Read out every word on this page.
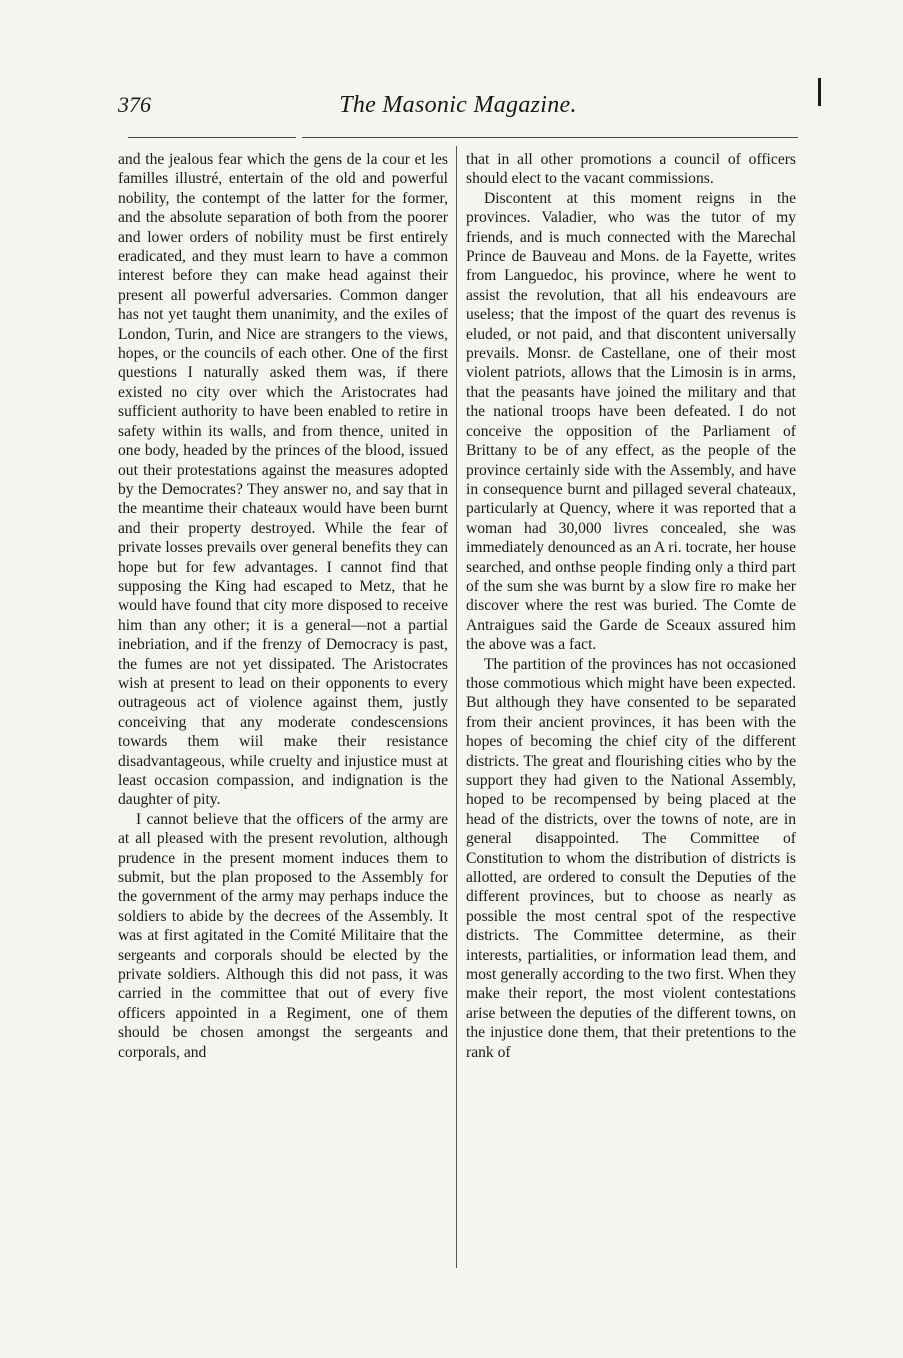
376	The Masonic Magazine.

and the jealous fear which the gens de la cour et les familles illustré, entertain of the old and powerful nobility, the contempt of the latter for the former, and the absolute separation of both from the poorer and lower orders of nobility must be first entirely eradicated, and they must learn to have a common interest before they can make head against their present all powerful adversaries. Common danger has not yet taught them unanimity, and the exiles of London, Turin, and Nice are strangers to the views, hopes, or the councils of each other. One of the first questions I naturally asked them was, if there existed no city over which the Aristocrates had sufficient authority to have been enabled to retire in safety within its walls, and from thence, united in one body, headed by the princes of the blood, issued out their protestations against the measures adopted by the Democrates? They answer no, and say that in the meantime their chateaux would have been burnt and their property destroyed. While the fear of private losses prevails over general benefits they can hope but for few advantages. I cannot find that supposing the King had escaped to Metz, that he would have found that city more disposed to receive him than any other; it is a general—not a partial inebriation, and if the frenzy of Democracy is past, the fumes are not yet dissipated. The Aristocrates wish at present to lead on their opponents to every outrageous act of violence against them, justly conceiving that any moderate condescensions towards them wiil make their resistance disadvantageous, while cruelty and injustice must at least occasion compassion, and indignation is the daughter of pity.

I cannot believe that the officers of the army are at all pleased with the present revolution, although prudence in the present moment induces them to submit, but the plan proposed to the Assembly for the government of the army may perhaps induce the soldiers to abide by the decrees of the Assembly. It was at first agitated in the Comité Militaire that the sergeants and corporals should be elected by the private soldiers. Although this did not pass, it was carried in the committee that out of every five officers appointed in a Regiment, one of them should be chosen amongst the sergeants and corporals, and

that in all other promotions a council of officers should elect to the vacant commissions.

Discontent at this moment reigns in the provinces. Valadier, who was the tutor of my friends, and is much connected with the Marechal Prince de Bauveau and Mons. de la Fayette, writes from Languedoc, his province, where he went to assist the revolution, that all his endeavours are useless; that the impost of the quart des revenus is eluded, or not paid, and that discontent universally prevails. Monsr. de Castellane, one of their most violent patriots, allows that the Limosin is in arms, that the peasants have joined the military and that the national troops have been defeated. I do not conceive the opposition of the Parliament of Brittany to be of any effect, as the people of the province certainly side with the Assembly, and have in consequence burnt and pillaged several chateaux, particularly at Quency, where it was reported that a woman had 30,000 livres concealed, she was immediately denounced as an A ri. tocrate, her house searched, and onthse people finding only a third part of the sum she was burnt by a slow fire ro make her discover where the rest was buried. The Comte de Antraigues said the Garde de Sceaux assured him the above was a fact.

The partition of the provinces has not occasioned those commotious which might have been expected. But although they have consented to be separated from their ancient provinces, it has been with the hopes of becoming the chief city of the different districts. The great and flourishing cities who by the support they had given to the National Assembly, hoped to be recompensed by being placed at the head of the districts, over the towns of note, are in general disappointed. The Committee of Constitution to whom the distribution of districts is allotted, are ordered to consult the Deputies of the different provinces, but to choose as nearly as possible the most central spot of the respective districts. The Committee determine, as their interests, partialities, or information lead them, and most generally according to the two first. When they make their report, the most violent contestations arise between the deputies of the different towns, on the injustice done them, that their pretentions to the rank of
